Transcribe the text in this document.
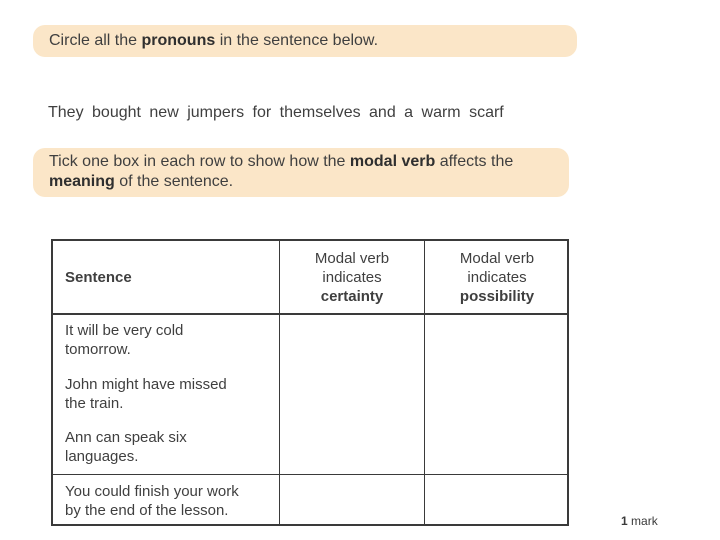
Circle all the pronouns in the sentence below.
They bought new jumpers for themselves and a warm scarf
Tick one box in each row to show how the modal verb affects the
meaning of the sentence.
Sentence
Modal verb
indicates
certainty
Modal verb
indicates
possibility
It will be very cold
tomorrow.
John might have missed
the train.
Ann can speak six
languages.
You could finish your work
by the end of the lesson.
1 mark
